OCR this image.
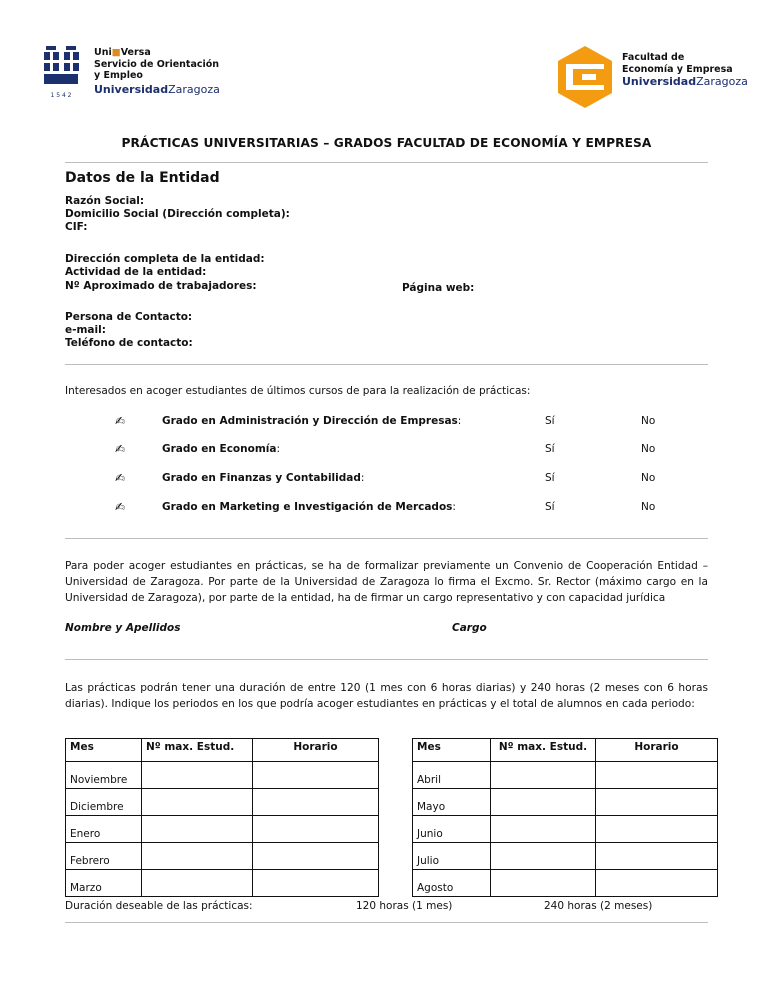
1 5 4 2
Uni■Versa
Servicio de Orientación
y Empleo
UniversidadZaragoza
Facultad de
Economía y Empresa
UniversidadZaragoza
PRÁCTICAS UNIVERSITARIAS – GRADOS FACULTAD DE ECONOMÍA Y EMPRESA
Datos de la Entidad
Razón Social:
Domicilio Social (Dirección completa):
CIF:
Dirección completa de la entidad:
Actividad de la entidad:
Nº Aproximado de trabajadores:	Página web:
Persona de Contacto:
e-mail:
Teléfono de contacto:
Interesados en acoger estudiantes de últimos cursos de para la realización de prácticas:
✍	Grado en Administración y Dirección de Empresas:	Sí	No
✍	Grado en Economía:	Sí	No
✍	Grado en Finanzas y Contabilidad:	Sí	No
✍	Grado en Marketing e Investigación de Mercados:	Sí	No
Para poder acoger estudiantes en prácticas, se ha de formalizar previamente un Convenio de Cooperación Entidad – Universidad de Zaragoza. Por parte de la Universidad de Zaragoza lo firma el Excmo. Sr. Rector (máximo cargo en la Universidad de Zaragoza), por parte de la entidad, ha de firmar un cargo representativo y con capacidad jurídica
Nombre y Apellidos	Cargo
Las prácticas podrán tener una duración de entre 120 (1 mes con 6 horas diarias) y 240 horas (2 meses con 6 horas diarias). Indique los periodos en los que podría acoger estudiantes en prácticas y el total de alumnos en cada periodo:
Mes	Nº max. Estud.	Horario
Noviembre		
Diciembre		
Enero		
Febrero		
Marzo		
Mes	Nº max. Estud.	Horario
Abril		
Mayo		
Junio		
Julio		
Agosto		
Duración deseable de las prácticas:	120 horas (1 mes)	240 horas (2 meses)
